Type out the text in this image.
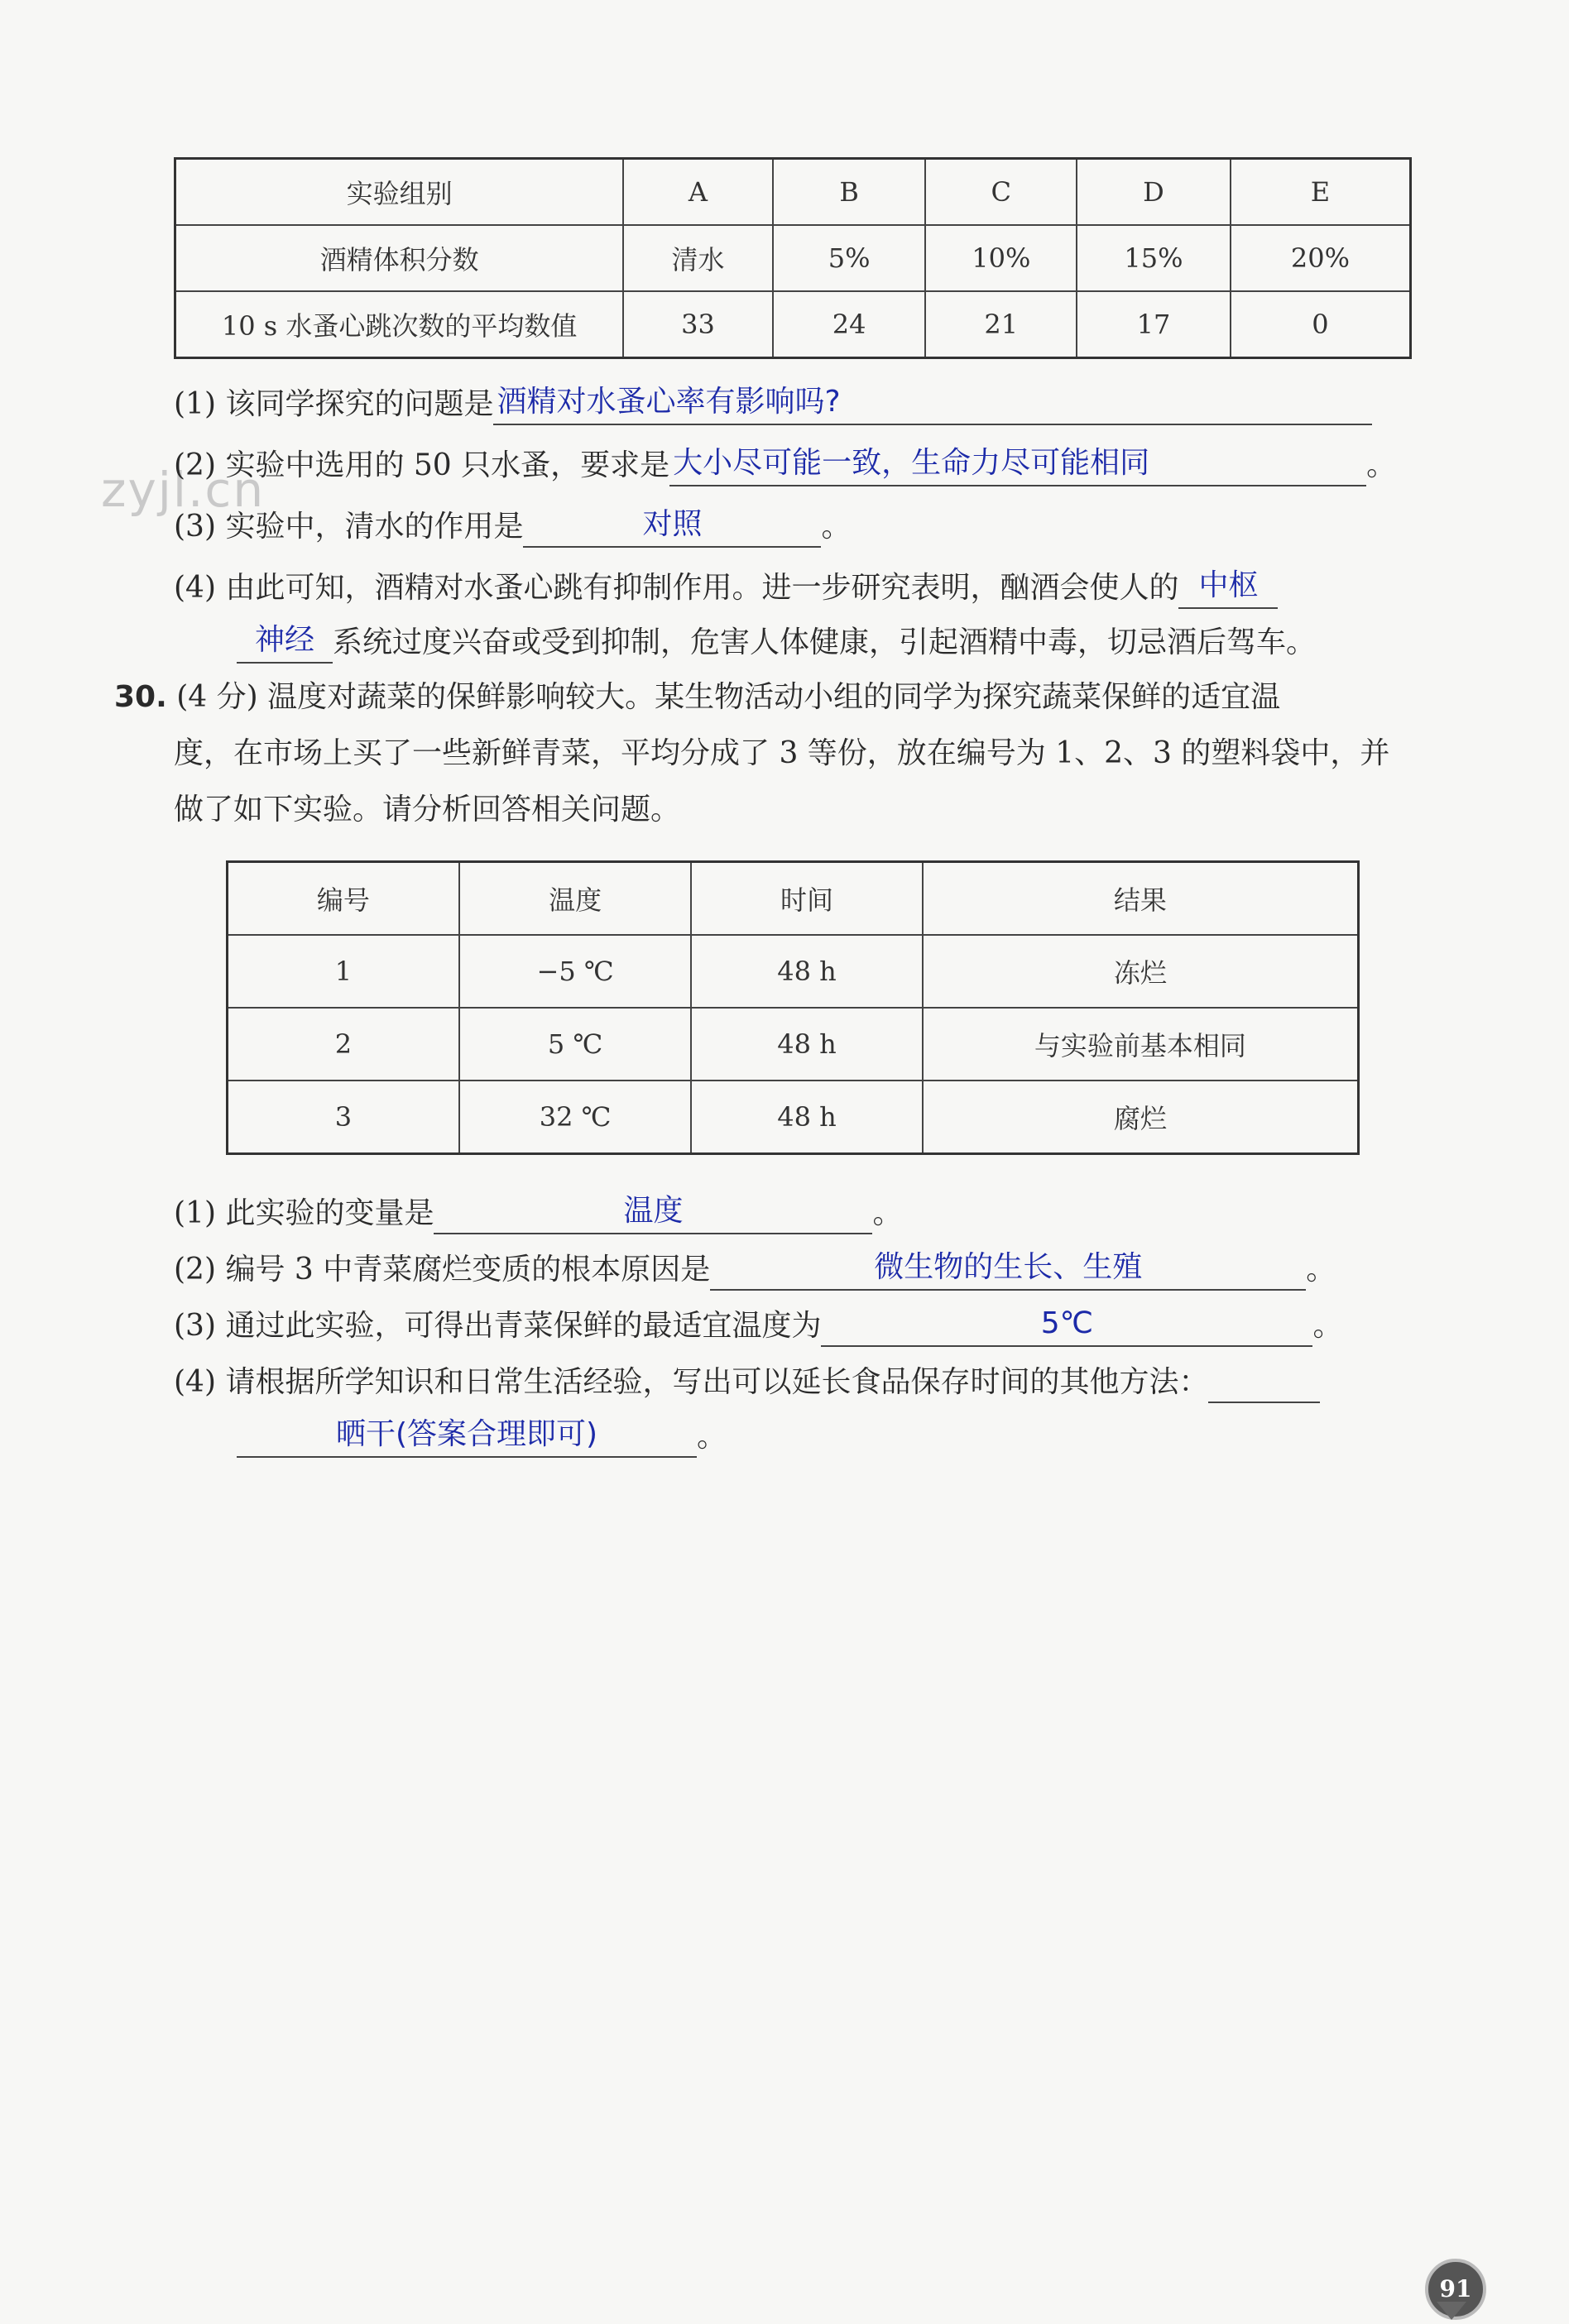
zyjl.cn
实验组别	A	B	C	D	E
酒精体积分数	清水	5%	10%	15%	20%
10 s 水蚤心跳次数的平均数值	33	24	21	17	0
(1) 该同学探究的问题是 酒精对水蚤心率有影响吗?
(2) 实验中选用的 50 只水蚤，要求是 大小尽可能一致，生命力尽可能相同	。
(3) 实验中，清水的作用是	对照	。
(4) 由此可知，酒精对水蚤心跳有抑制作用。进一步研究表明，酗酒会使人的 中枢
神经 系统过度兴奋或受到抑制，危害人体健康，引起酒精中毒，切忌酒后驾车。
30. (4 分) 温度对蔬菜的保鲜影响较大。某生物活动小组的同学为探究蔬菜保鲜的适宜温
度，在市场上买了一些新鲜青菜，平均分成了 3 等份，放在编号为 1、2、3 的塑料袋中，并
做了如下实验。请分析回答相关问题。
编号	温度	时间	结果
1	−5 ℃	48 h	冻烂
2	5 ℃	48 h	与实验前基本相同
3	32 ℃	48 h	腐烂
(1) 此实验的变量是	温度	。
(2) 编号 3 中青菜腐烂变质的根本原因是	微生物的生长、生殖	。
(3) 通过此实验，可得出青菜保鲜的最适宜温度为	5℃	。
(4) 请根据所学知识和日常生活经验，写出可以延长食品保存时间的其他方法：
晒干(答案合理即可)	。
91
